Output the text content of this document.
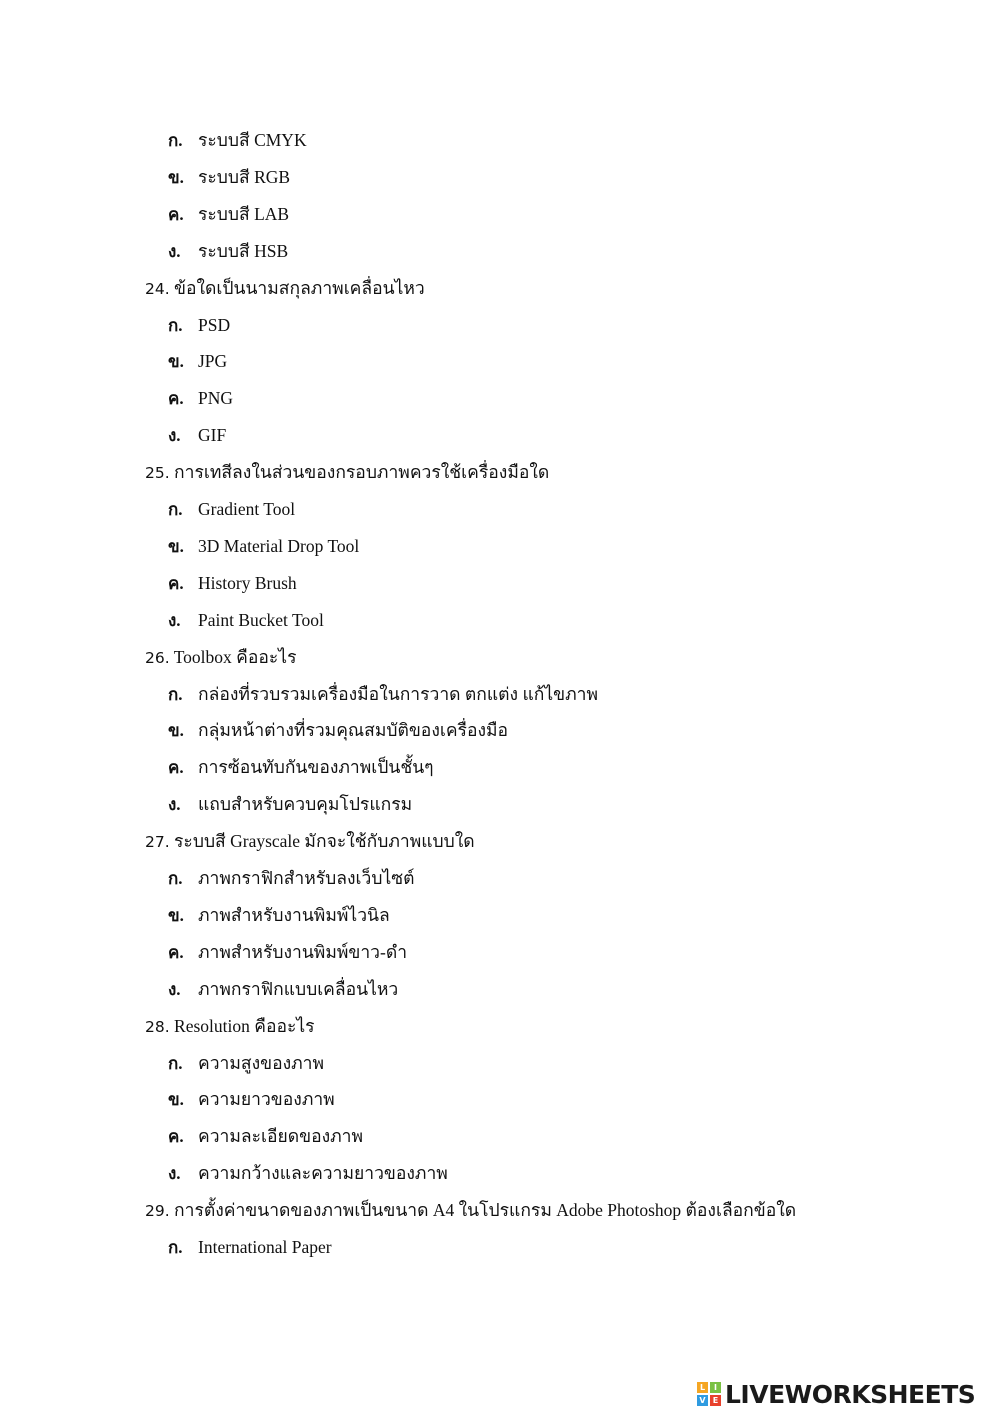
ก. ระบบสี CMYK
ข. ระบบสี RGB
ค. ระบบสี LAB
ง. ระบบสี HSB
24. ข้อใดเป็นนามสกุลภาพเคลื่อนไหว
ก. PSD
ข. JPG
ค. PNG
ง. GIF
25. การเทสีลงในส่วนของกรอบภาพควรใช้เครื่องมือใด
ก. Gradient Tool
ข. 3D Material Drop Tool
ค. History Brush
ง. Paint Bucket Tool
26. Toolbox คืออะไร
ก. กล่องที่รวบรวมเครื่องมือในการวาด ตกแต่ง แก้ไขภาพ
ข. กลุ่มหน้าต่างที่รวมคุณสมบัติของเครื่องมือ
ค. การซ้อนทับกันของภาพเป็นชั้นๆ
ง. แถบสำหรับควบคุมโปรแกรม
27. ระบบสี Grayscale มักจะใช้กับภาพแบบใด
ก. ภาพกราฟิกสำหรับลงเว็บไซต์
ข. ภาพสำหรับงานพิมพ์ไวนิล
ค. ภาพสำหรับงานพิมพ์ขาว-ดำ
ง. ภาพกราฟิกแบบเคลื่อนไหว
28. Resolution คืออะไร
ก. ความสูงของภาพ
ข. ความยาวของภาพ
ค. ความละเอียดของภาพ
ง. ความกว้างและความยาวของภาพ
29. การตั้งค่าขนาดของภาพเป็นขนาด A4 ในโปรแกรม Adobe Photoshop ต้องเลือกข้อใด
ก. International Paper
L	I
V E LIVEWORKSHEETS
